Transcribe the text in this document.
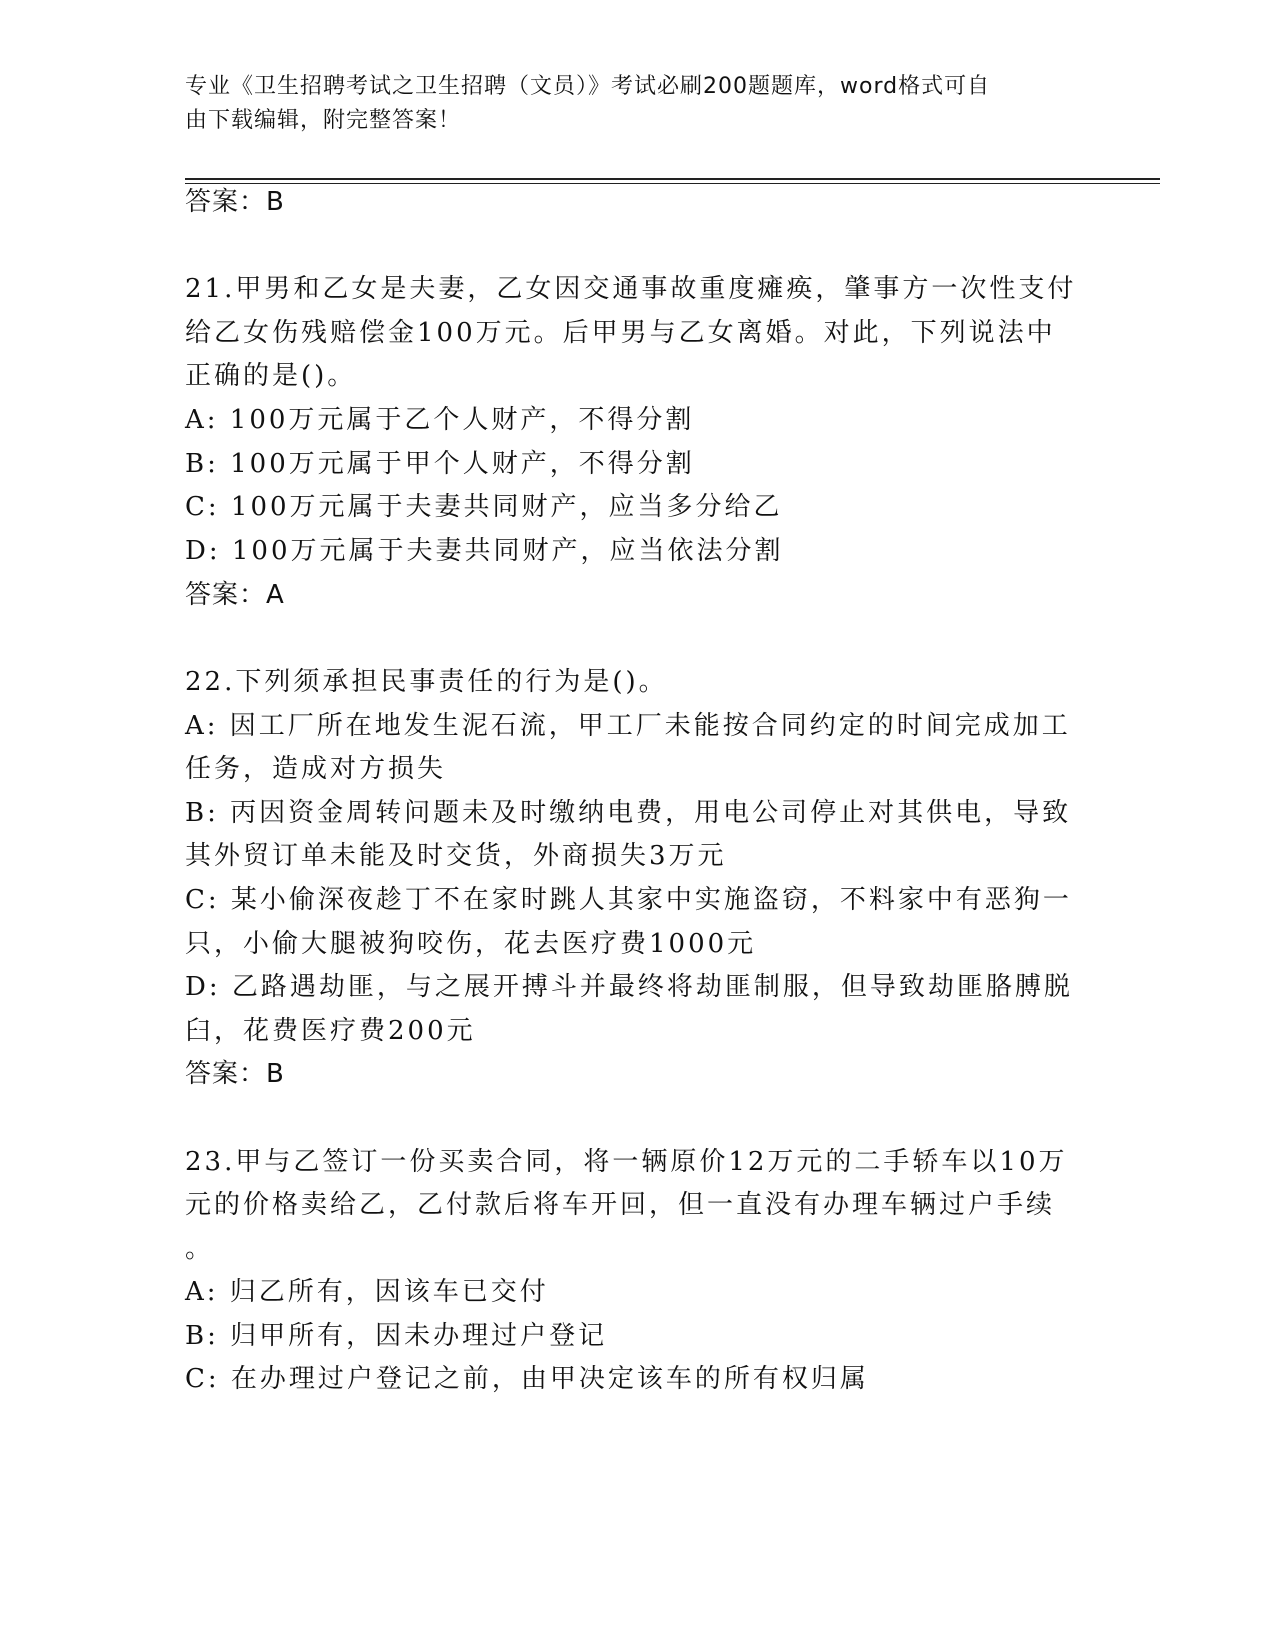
专业《卫生招聘考试之卫生招聘（文员）》考试必刷200题题库，word格式可自
由下载编辑，附完整答案！
答案：B
21.甲男和乙女是夫妻，乙女因交通事故重度瘫痪，肇事方一次性支付
给乙女伤残赔偿金100万元。后甲男与乙女离婚。对此，下列说法中
正确的是()。
A: 100万元属于乙个人财产，不得分割
B: 100万元属于甲个人财产，不得分割
C: 100万元属于夫妻共同财产，应当多分给乙
D: 100万元属于夫妻共同财产，应当依法分割
答案：A
22.下列须承担民事责任的行为是()。
A: 因工厂所在地发生泥石流，甲工厂未能按合同约定的时间完成加工
任务，造成对方损失
B: 丙因资金周转问题未及时缴纳电费，用电公司停止对其供电，导致
其外贸订单未能及时交货，外商损失3万元
C: 某小偷深夜趁丁不在家时跳人其家中实施盗窃，不料家中有恶狗一
只，小偷大腿被狗咬伤，花去医疗费1000元
D: 乙路遇劫匪，与之展开搏斗并最终将劫匪制服，但导致劫匪胳膊脱
臼，花费医疗费200元
答案：B
23.甲与乙签订一份买卖合同，将一辆原价12万元的二手轿车以10万
元的价格卖给乙，乙付款后将车开回，但一直没有办理车辆过户手续
。
A: 归乙所有，因该车已交付
B: 归甲所有，因未办理过户登记
C: 在办理过户登记之前，由甲决定该车的所有权归属
